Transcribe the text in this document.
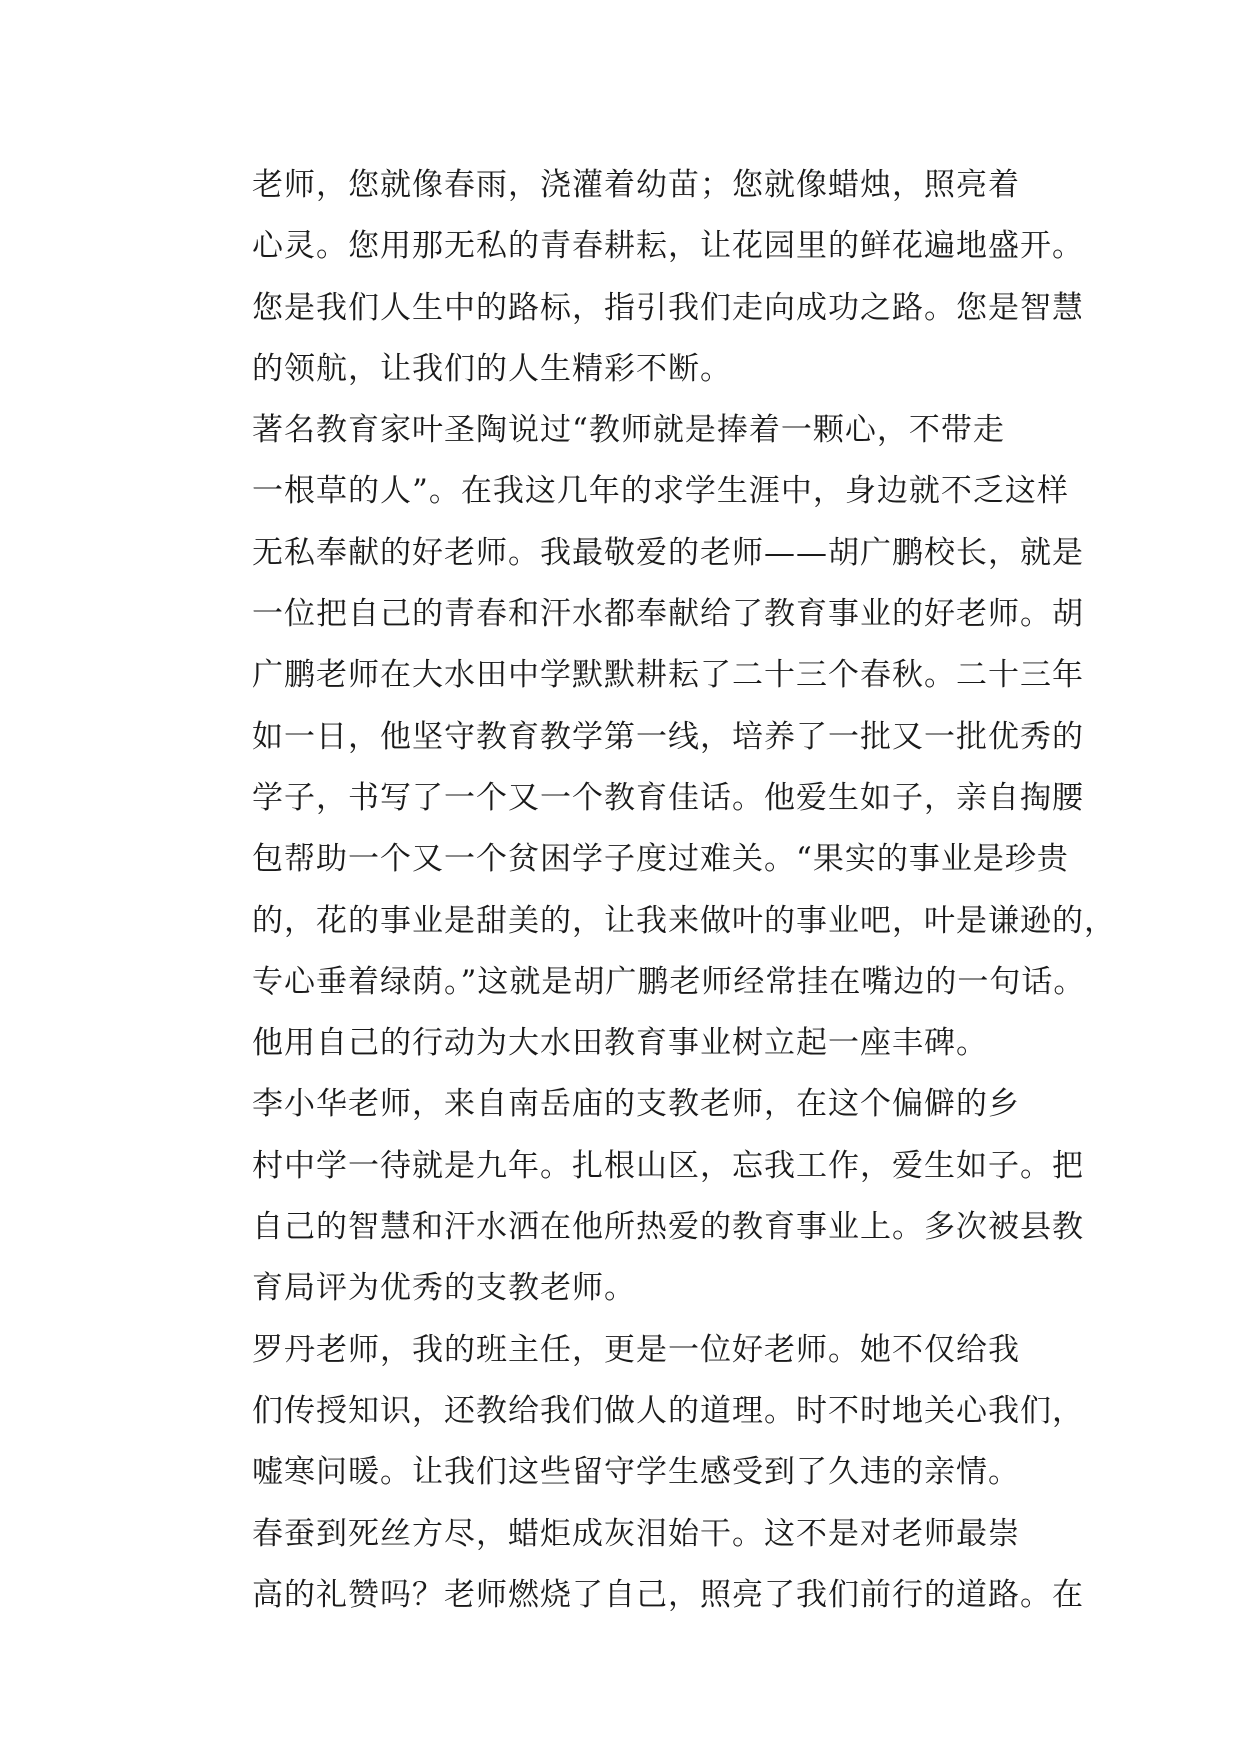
老师，您就像春雨，浇灌着幼苗；您就像蜡烛，照亮着
心灵。您用那无私的青春耕耘，让花园里的鲜花遍地盛开。
您是我们人生中的路标，指引我们走向成功之路。您是智慧
的领航，让我们的人生精彩不断。

著名教育家叶圣陶说过“教师就是捧着一颗心，不带走
一根草的人”。在我这几年的求学生涯中，身边就不乏这样
无私奉献的好老师。我最敬爱的老师——胡广鹏校长，就是
一位把自己的青春和汗水都奉献给了教育事业的好老师。胡
广鹏老师在大水田中学默默耕耘了二十三个春秋。二十三年
如一日，他坚守教育教学第一线，培养了一批又一批优秀的
学子，书写了一个又一个教育佳话。他爱生如子，亲自掏腰
包帮助一个又一个贫困学子度过难关。“果实的事业是珍贵
的，花的事业是甜美的，让我来做叶的事业吧，叶是谦逊的，
专心垂着绿荫。”这就是胡广鹏老师经常挂在嘴边的一句话。
他用自己的行动为大水田教育事业树立起一座丰碑。

李小华老师，来自南岳庙的支教老师，在这个偏僻的乡
村中学一待就是九年。扎根山区，忘我工作，爱生如子。把
自己的智慧和汗水洒在他所热爱的教育事业上。多次被县教
育局评为优秀的支教老师。

罗丹老师，我的班主任，更是一位好老师。她不仅给我
们传授知识，还教给我们做人的道理。时不时地关心我们，
嘘寒问暖。让我们这些留守学生感受到了久违的亲情。

春蚕到死丝方尽，蜡炬成灰泪始干。这不是对老师最崇
高的礼赞吗？老师燃烧了自己，照亮了我们前行的道路。在
